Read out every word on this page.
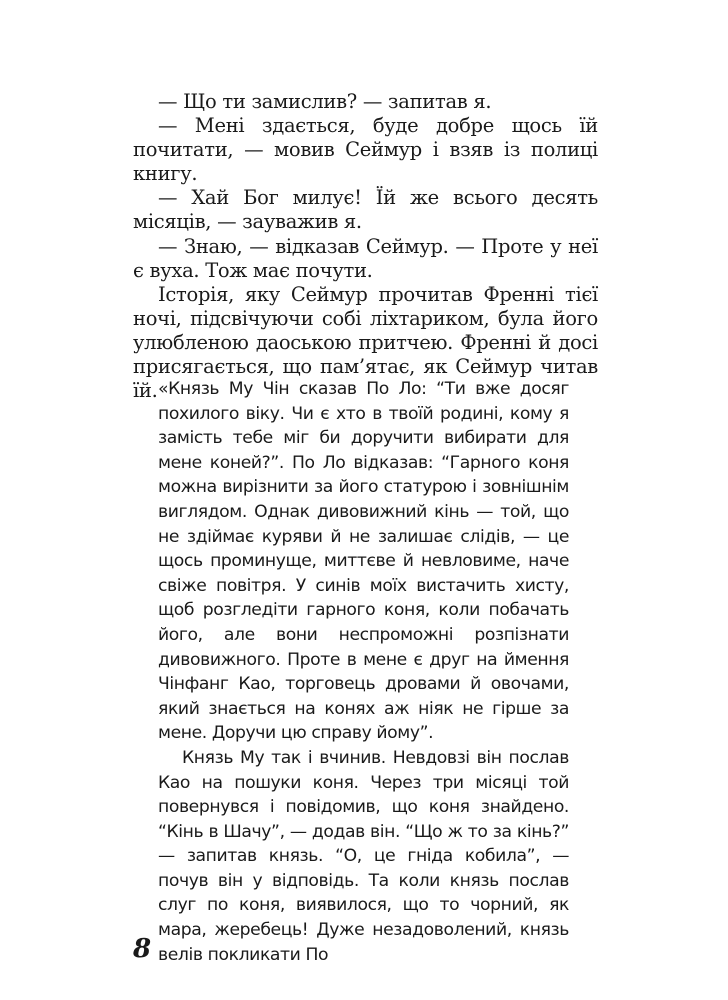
— Що ти замислив? — запитав я.

— Мені здається, буде добре щось їй почитати, — мовив Сеймур і взяв із полиці книгу.

— Хай Бог милує! Їй же всього десять місяців, — зауважив я.

— Знаю, — відказав Сеймур. — Проте у неї є вуха. Тож має почути.

Історія, яку Сеймур прочитав Френні тієї ночі, підсвічуючи собі ліхтариком, була його улюбленою даоською притчею. Френні й досі присягається, що пам’ятає, як Сеймур читав їй. «Князь Му Чін сказав По Ло: “Ти вже досяг похилого віку. Чи є хто в твоїй родині, кому я замість тебе міг би доручити вибирати для мене коней?”. По Ло відказав: “Гарного коня можна вирізнити за його статурою і зовнішнім виглядом. Однак дивовижний кінь — той, що не здіймає куряви й не залишає слідів, — це щось проминуще, миттєве й невловиме, наче свіже повітря. У синів моїх вистачить хисту, щоб розгледіти гарного коня, коли побачать його, але вони неспроможні розпізнати дивовижного. Проте в мене є друг на ймення Чінфанг Као, торговець дровами й овочами, який знається на конях аж ніяк не гірше за мене. Доручи цю справу йому”.

Князь Му так і вчинив. Невдовзі він послав Као на пошуки коня. Через три місяці той повернувся і повідомив, що коня знайдено. “Кінь в Шачу”, — додав він. “Що ж то за кінь?” — запитав князь. “О, це гніда кобила”, — почув він у відповідь. Та коли князь послав слуг по коня, виявилося, що то чорний, як мара, жеребець! Дуже незадоволений, князь велів покликати По

8
